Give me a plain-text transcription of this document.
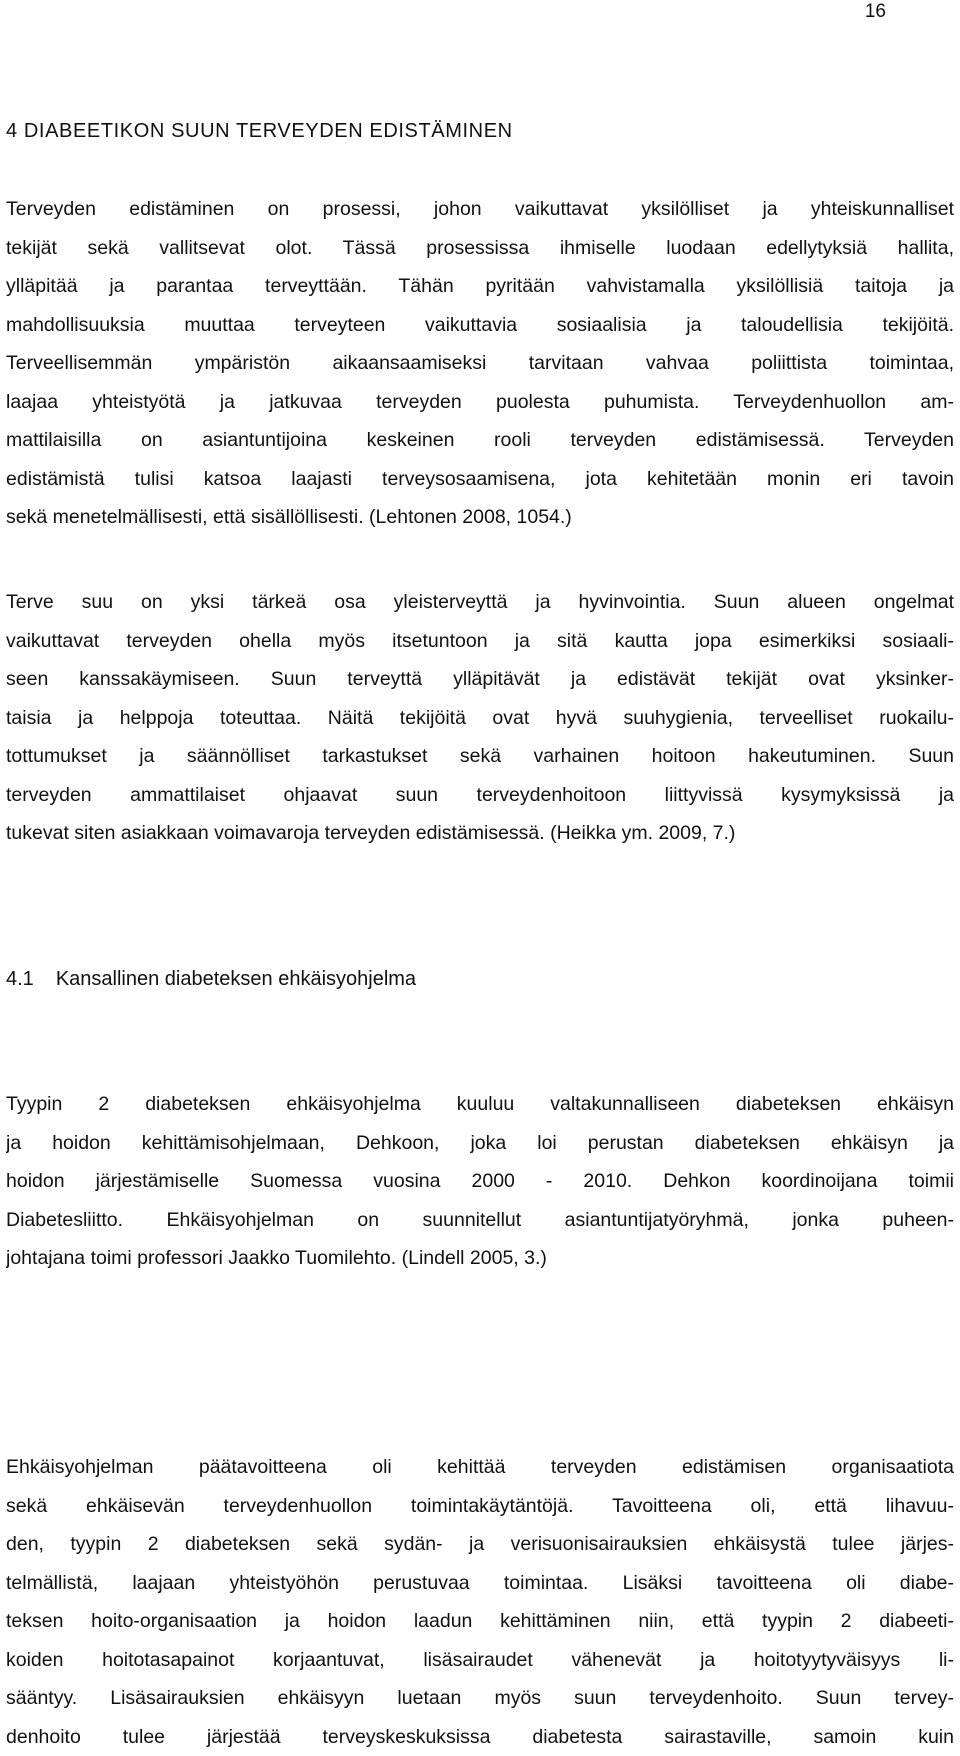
16
4 DIABEETIKON SUUN TERVEYDEN EDISTÄMINEN
Terveyden edistäminen on prosessi, johon vaikuttavat yksilölliset ja yhteiskunnalliset
tekijät sekä vallitsevat olot. Tässä prosessissa ihmiselle luodaan edellytyksiä hallita,
ylläpitää ja parantaa terveyttään. Tähän pyritään vahvistamalla yksilöllisiä taitoja ja
mahdollisuuksia muuttaa terveyteen vaikuttavia sosiaalisia ja taloudellisia tekijöitä.
Terveellisemmän ympäristön aikaansaamiseksi tarvitaan vahvaa poliittista toimintaa,
laajaa yhteistyötä ja jatkuvaa terveyden puolesta puhumista. Terveydenhuollon am-
mattilaisilla on asiantuntijoina keskeinen rooli terveyden edistämisessä. Terveyden
edistämistä tulisi katsoa laajasti terveysosaamisena, jota kehitetään monin eri tavoin
sekä menetelmällisesti, että sisällöllisesti. (Lehtonen 2008, 1054.)
Terve suu on yksi tärkeä osa yleisterveyttä ja hyvinvointia. Suun alueen ongelmat
vaikuttavat terveyden ohella myös itsetuntoon ja sitä kautta jopa esimerkiksi sosiaali-
seen kanssakäymiseen. Suun terveyttä ylläpitävät ja edistävät tekijät ovat yksinker-
taisia ja helppoja toteuttaa. Näitä tekijöitä ovat hyvä suuhygienia, terveelliset ruokailu-
tottumukset ja säännölliset tarkastukset sekä varhainen hoitoon hakeutuminen. Suun
terveyden ammattilaiset ohjaavat suun terveydenhoitoon liittyvissä kysymyksissä ja
tukevat siten asiakkaan voimavaroja terveyden edistämisessä. (Heikka ym. 2009, 7.)
4.1 Kansallinen diabeteksen ehkäisyohjelma
Tyypin 2 diabeteksen ehkäisyohjelma kuuluu valtakunnalliseen diabeteksen ehkäisyn
ja hoidon kehittämisohjelmaan, Dehkoon, joka loi perustan diabeteksen ehkäisyn ja
hoidon järjestämiselle Suomessa vuosina 2000 - 2010. Dehkon koordinoijana toimii
Diabetesliitto. Ehkäisyohjelman on suunnitellut asiantuntijatyöryhmä, jonka puheen-
johtajana toimi professori Jaakko Tuomilehto. (Lindell 2005, 3.)
Ehkäisyohjelman päätavoitteena oli kehittää terveyden edistämisen organisaatiota
sekä ehkäisevän terveydenhuollon toimintakäytäntöjä. Tavoitteena oli, että lihavuu-
den, tyypin 2 diabeteksen sekä sydän- ja verisuonisairauksien ehkäisystä tulee järjes-
telmällistä, laajaan yhteistyöhön perustuvaa toimintaa. Lisäksi tavoitteena oli diabe-
teksen hoito-organisaation ja hoidon laadun kehittäminen niin, että tyypin 2 diabeeti-
koiden hoitotasapainot korjaantuvat, lisäsairaudet vähenevät ja hoitotyytyväisyys li-
sääntyy. Lisäsairauksien ehkäisyyn luetaan myös suun terveydenhoito. Suun tervey-
denhoito tulee järjestää terveyskeskuksissa diabetesta sairastaville, samoin kuin
